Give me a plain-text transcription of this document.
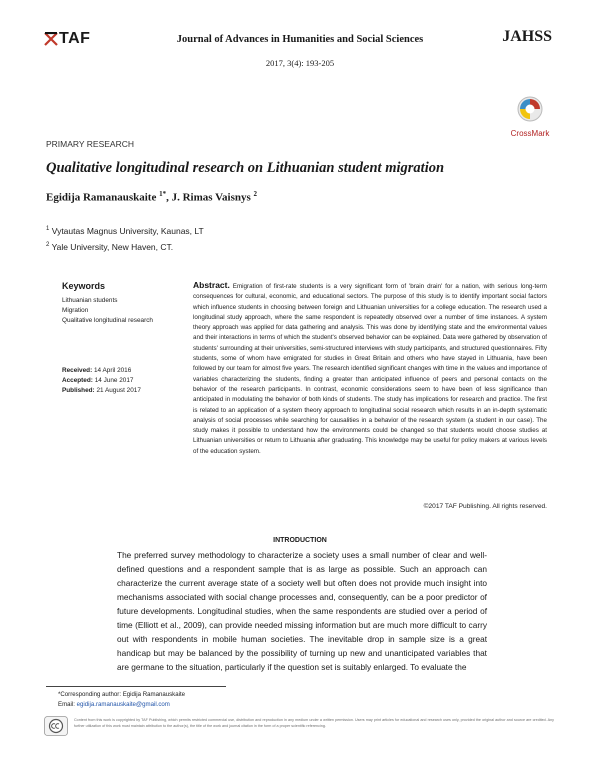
TAF	Journal of Advances in Humanities and Social Sciences	JAHSS
2017, 3(4): 193-205
CrossMark
PRIMARY RESEARCH
Qualitative longitudinal research on Lithuanian student migration
Egidija Ramanauskaite $^{1*}$, J. Rimas Vaisnys $^2$
$^1$ Vytautas Magnus University, Kaunas, LT
$^2$ Yale University, New Haven, CT.
Keywords
Lithuanian students
Migration
Qualitative longitudinal research
Received: 14 April 2016
Accepted: 14 June 2017
Published: 21 August 2017
Abstract. Emigration of first-rate students is a very significant form of 'brain drain' for a nation, with serious long-term consequences for cultural, economic, and educational sectors. The purpose of this study is to identify important social factors which influence students in choosing between foreign and Lithuanian universities for a college education. The research used a longitudinal study approach, where the same respondent is repeatedly observed over a number of time instances. A system theory approach was applied for data gathering and analysis. This was done by identifying state and the environmental values and their interactions in terms of which the student's observed behavior can be explained. Data were gathered by observation of students' surrounding at their universities, semi-structured interviews with study participants, and structured questionnaires. Fifty students, some of whom have emigrated for studies in Great Britain and others who have stayed in Lithuania, have been followed by our team for almost five years. The research identified significant changes with time in the values and importance of variables characterizing the students, finding a greater than anticipated influence of peers and personal contacts on the behavior of the research participants. In contrast, economic considerations seem to have been of less significance than anticipated in modulating the behavior of both kinds of students. The study has implications for research and practice. The first is related to an application of a system theory approach to longitudinal social research which results in an in-depth systematic analysis of social processes while searching for causalities in a behavior of the research system (a student in our case). The study makes it possible to understand how the environments could be changed so that students would choose studies at Lithuanian universities or return to Lithuania after graduating. This knowledge may be useful for policy makers at various levels of the education system.
©2017 TAF Publishing. All rights reserved.
INTRODUCTION
The preferred survey methodology to characterize a society uses a small number of clear and well-defined questions and a respondent sample that is as large as possible. Such an approach can characterize the current average state of a society well but often does not provide much insight into mechanisms associated with social change processes and, consequently, can be a poor predictor of future developments. Longitudinal studies, when the same respondents are studied over a period of time (Elliott et al., 2009), can provide needed missing information but are much more difficult to carry out with respondents in mobile human societies. The inevitable drop in sample size is a great handicap but may be balanced by the possibility of turning up new and unanticipated variables that are germane to the situation, particularly if the question set is suitably enlarged. To evaluate the
*Corresponding author: Egidija Ramanauskaite
Email: egidija.ramanauskaite@gmail.com
Content from this work is copyrighted by TAF Publishing, which permits restricted commercial use, distribution and reproduction in any medium under a written permission. Users may print articles for educational and research uses only, provided the original author and source are credited. Any further utilization of this work must maintain attribution to the author(s), the title of the work and journal citation in the form of a proper scientific referencing.
